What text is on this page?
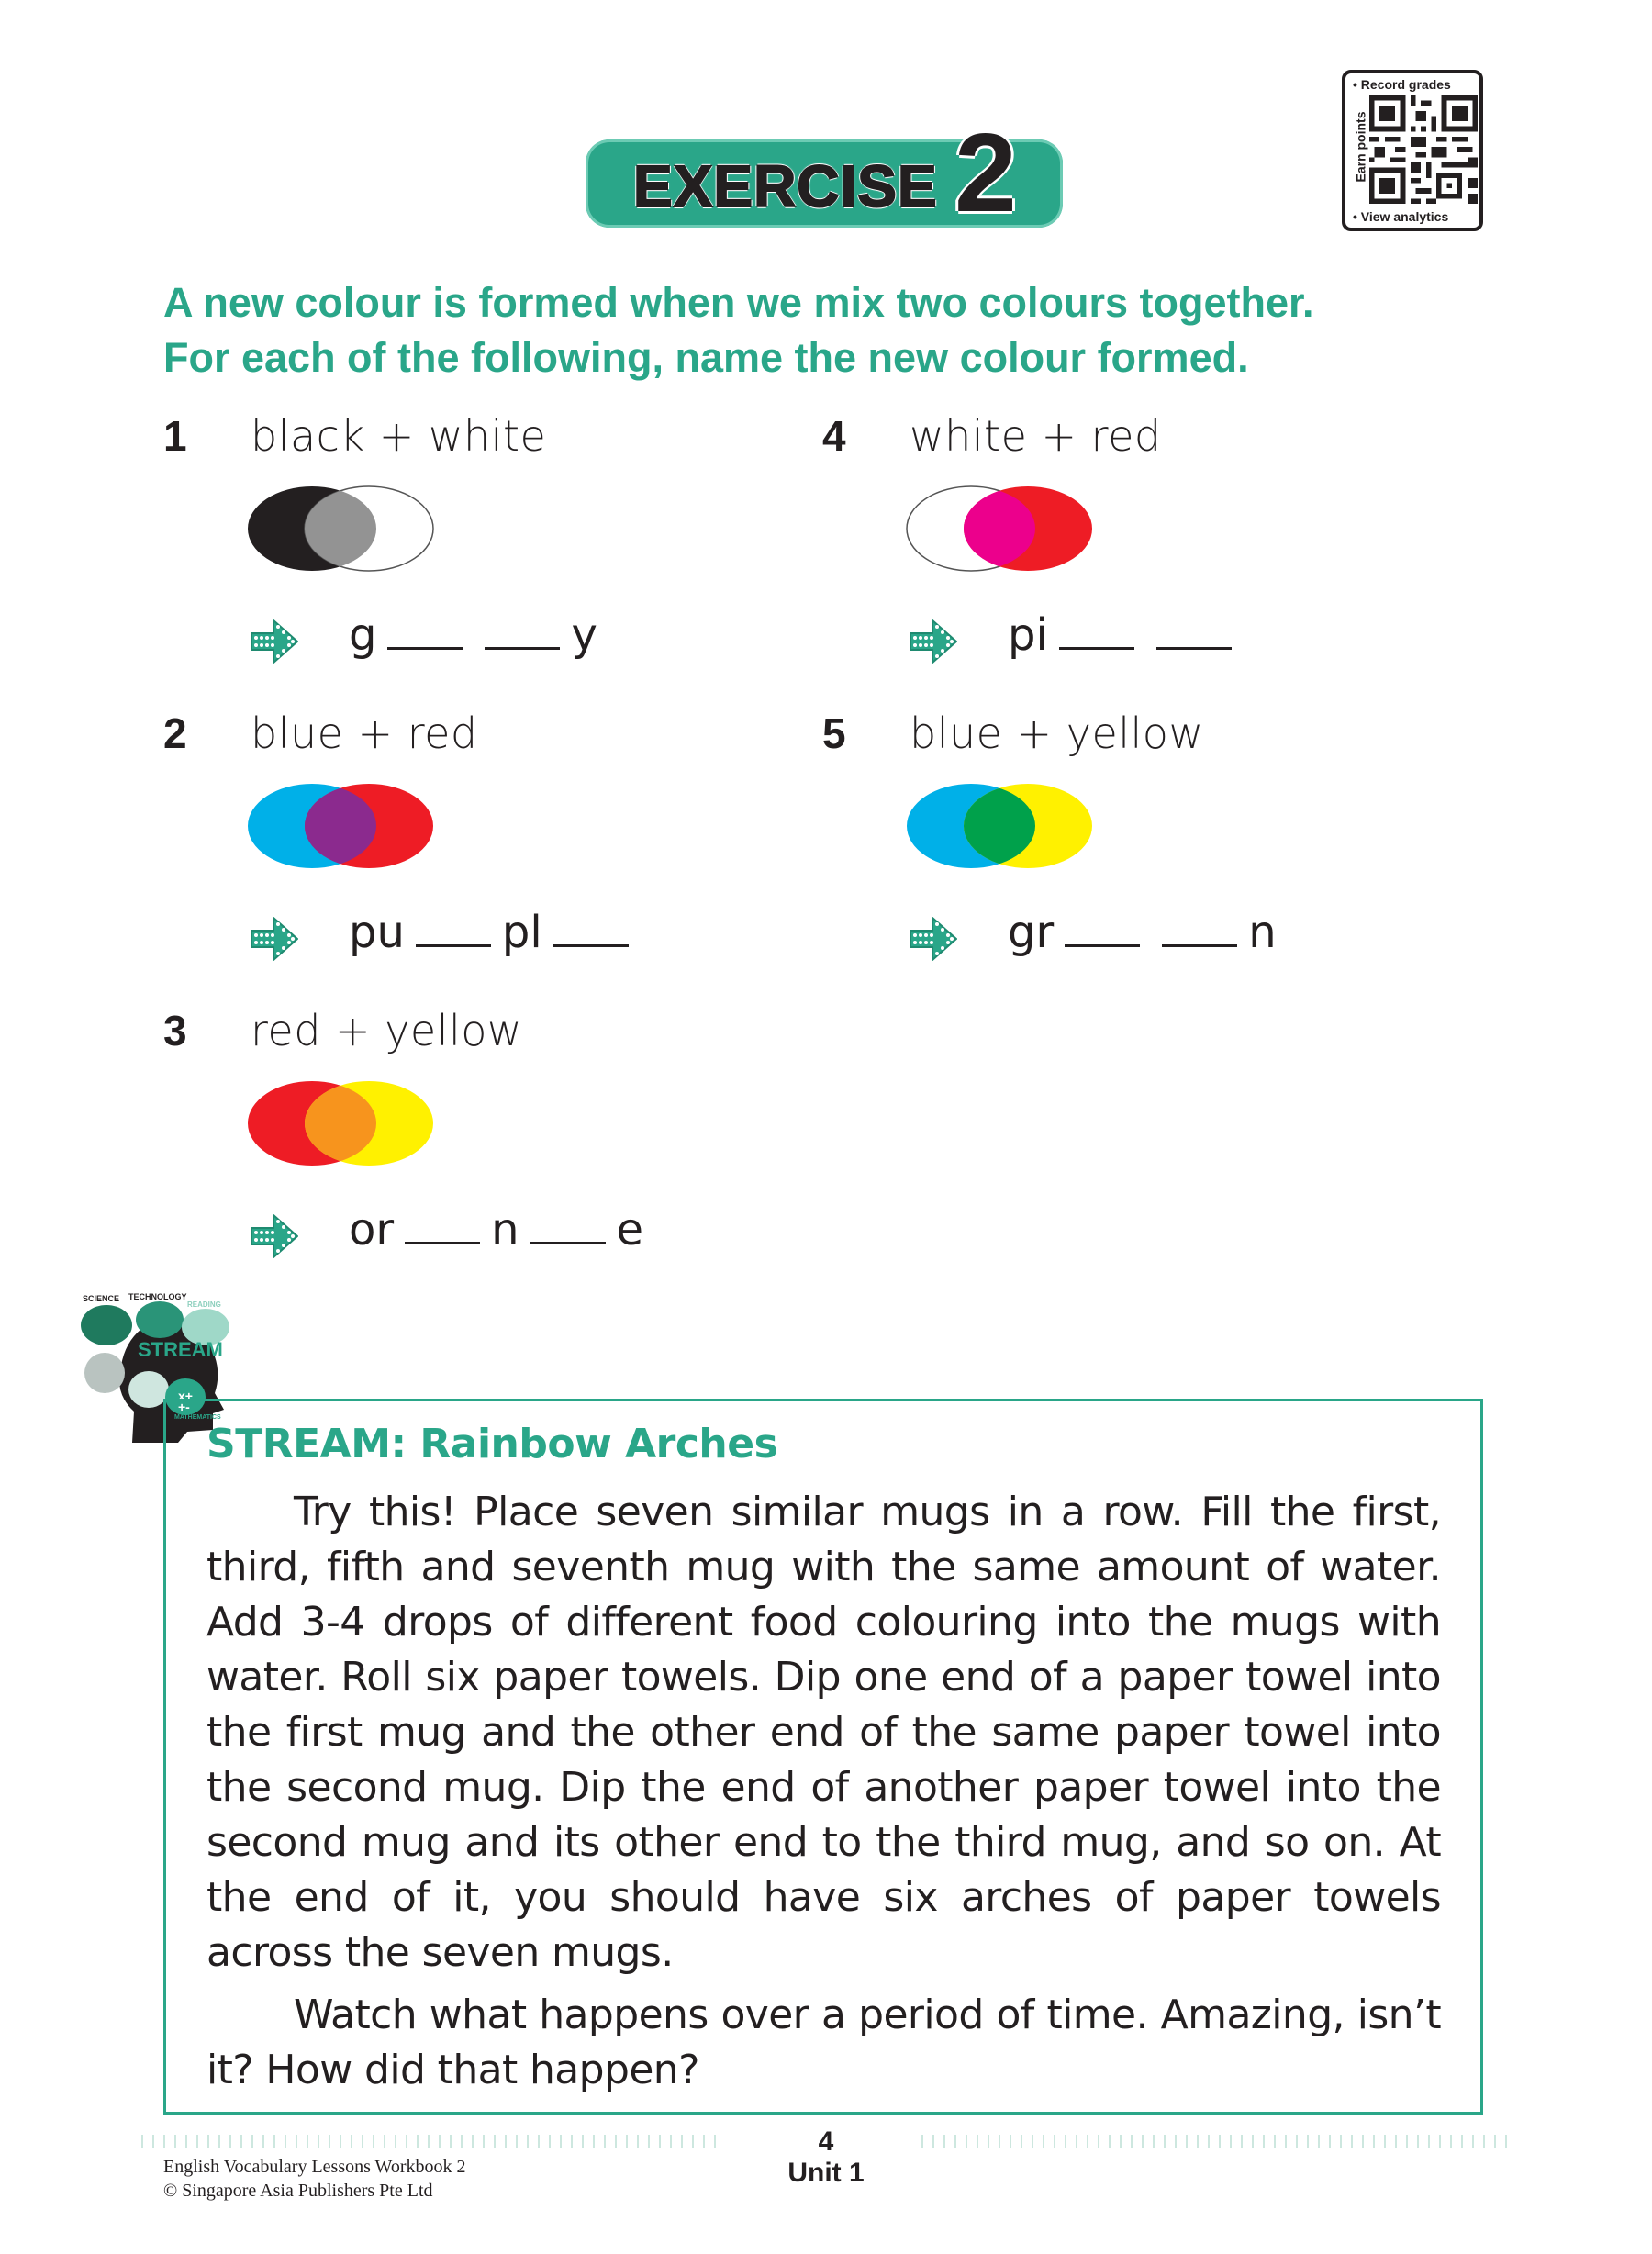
EXERCISE 2
• Record grades
Earn points
• View analytics
A new colour is formed when we mix two colours together.
For each of the following, name the new colour formed.
1 black + white
g	y
2 blue + red
pu pl
3 red + yellow
or n e
4 white + red
pi
5 blue + yellow
gr	n
SCIENCE TECHNOLOGY
READING
STREAM
MATHEMATICS
x+
+-
STREAM: Rainbow Arches

Try this! Place seven similar mugs in a row. Fill the first, third, fifth and seventh mug with the same amount of water. Add 3-4 drops of different food colouring into the mugs with water. Roll six paper towels. Dip one end of a paper towel into the first mug and the other end of the same paper towel into the second mug. Dip the end of another paper towel into the second mug and its other end to the third mug, and so on. At the end of it, you should have six arches of paper towels across the seven mugs.

Watch what happens over a period of time. Amazing, isn’t it? How did that happen?

English Vocabulary Lessons Workbook 2
© Singapore Asia Publishers Pte Ltd
4
Unit 1
